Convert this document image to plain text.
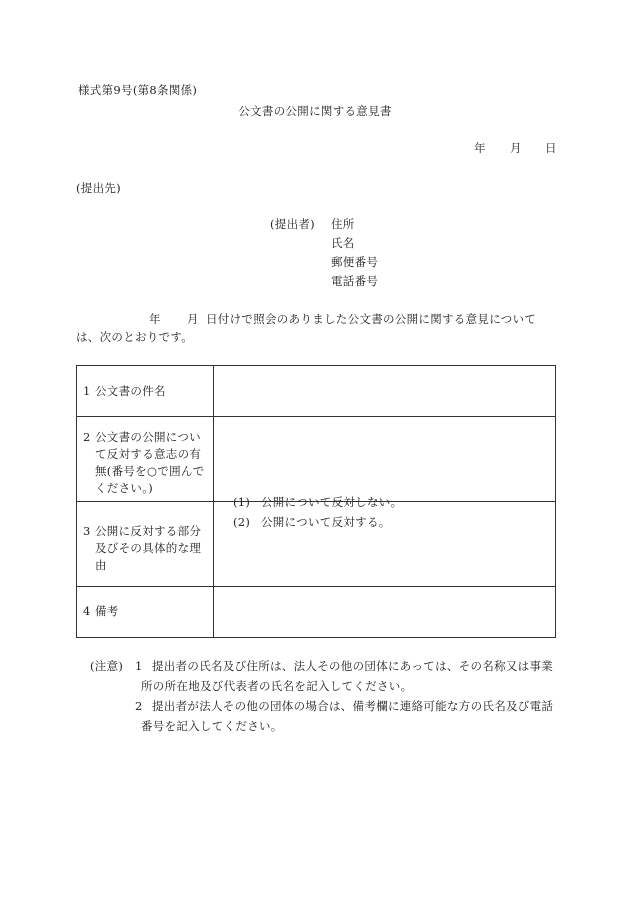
様式第9号(第8条関係)
公文書の公開に関する意見書
年 月 日
(提出先)
(提出者) 住所
氏名
郵便番号
電話番号
年 月 日付けで照会のありました公文書の公開に関する意見について
は、次のとおりです。
1 公文書の件名
2 公文書の公開につい
て反対する意志の有
無(番号を○で囲んで
ください。)
(1) 公開について反対しない。
(2) 公開について反対する。
3 公開に反対する部分
及びその具体的な理
由
4 備考
(注意) 1 提出者の氏名及び住所は、法人その他の団体にあっては、その名称又は事業
所の所在地及び代表者の氏名を記入してください。
2 提出者が法人その他の団体の場合は、備考欄に連絡可能な方の氏名及び電話
番号を記入してください。
